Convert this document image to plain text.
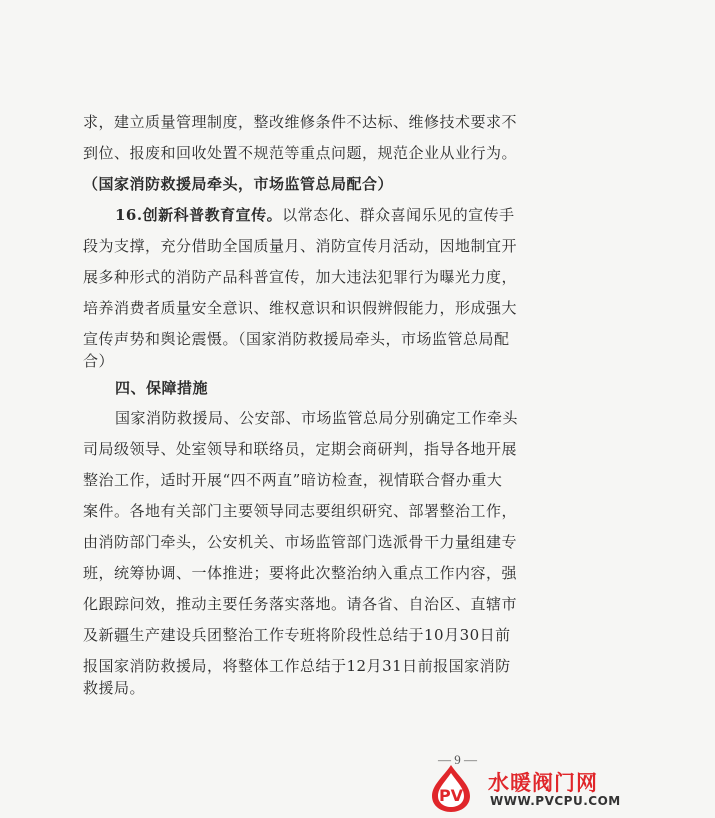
求，建立质量管理制度，整改维修条件不达标、维修技术要求不
到位、报废和回收处置不规范等重点问题，规范企业从业行为。
（国家消防救援局牵头，市场监管总局配合）
16.创新科普教育宣传。以常态化、群众喜闻乐见的宣传手
段为支撑，充分借助全国质量月、消防宣传月活动，因地制宜开
展多种形式的消防产品科普宣传，加大违法犯罪行为曝光力度，
培养消费者质量安全意识、维权意识和识假辨假能力，形成强大
宣传声势和舆论震慑。（国家消防救援局牵头，市场监管总局配
合）
四、保障措施
国家消防救援局、公安部、市场监管总局分别确定工作牵头
司局级领导、处室领导和联络员，定期会商研判，指导各地开展
整治工作，适时开展“四不两直”暗访检查，视情联合督办重大
案件。各地有关部门主要领导同志要组织研究、部署整治工作，
由消防部门牵头，公安机关、市场监管部门选派骨干力量组建专
班，统筹协调、一体推进；要将此次整治纳入重点工作内容，强
化跟踪问效，推动主要任务落实落地。请各省、自治区、直辖市
及新疆生产建设兵团整治工作专班将阶段性总结于10月30日前
报国家消防救援局，将整体工作总结于12月31日前报国家消防
救援局。
— 9 —
PV
水暖阀门网
WWW.PVCPU.COM
